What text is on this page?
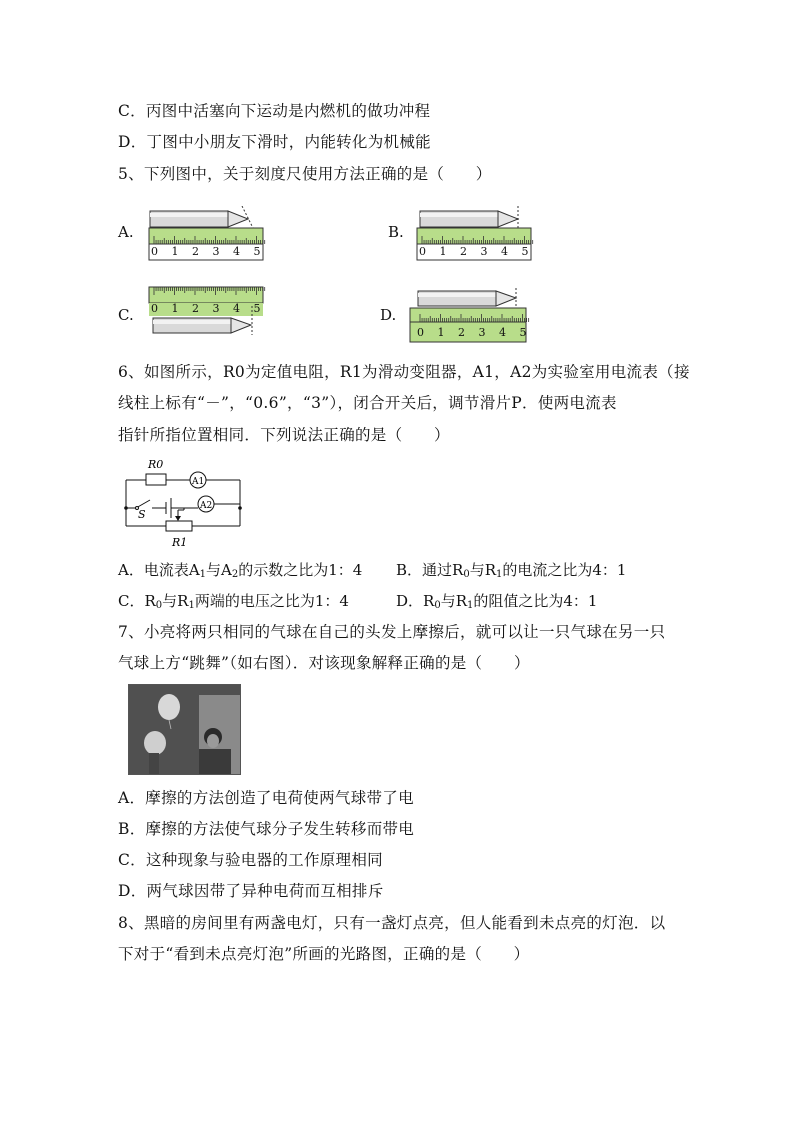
C．丙图中活塞向下运动是内燃机的做功冲程
D．丁图中小朋友下滑时，内能转化为机械能
5、下列图中，关于刻度尺使用方法正确的是（　　）
A.	B.
C.	D.
0 1 2 3 4 5	0 1 2 3 4 5
0 1 2 3 4 5
0 1 2 3 4 5
6、如图所示，R0为定值电阻，R1为滑动变阻器，A1，A2为实验室用电流表（接
线柱上标有“－”，“0.6”，“3”），闭合开关后，调节滑片P．使两电流表
指针所指位置相同．下列说法正确的是（　　）
R0
A1
A2
S
R1
A．电流表$A_1$与$A_2$的示数之比为1：4 B．通过$R_0$与$R_1$的电流之比为4：1
C．$R_0$与$R_1$两端的电压之比为1：4	D．$R_0$与$R_1$的阻值之比为4：1
7、小亮将两只相同的气球在自己的头发上摩擦后，就可以让一只气球在另一只
气球上方“跳舞”（如右图）．对该现象解释正确的是（　　）
A．摩擦的方法创造了电荷使两气球带了电
B．摩擦的方法使气球分子发生转移而带电
C．这种现象与验电器的工作原理相同
D．两气球因带了异种电荷而互相排斥
8、黑暗的房间里有两盏电灯，只有一盏灯点亮，但人能看到未点亮的灯泡．以
下对于“看到未点亮灯泡”所画的光路图，正确的是（　　）
